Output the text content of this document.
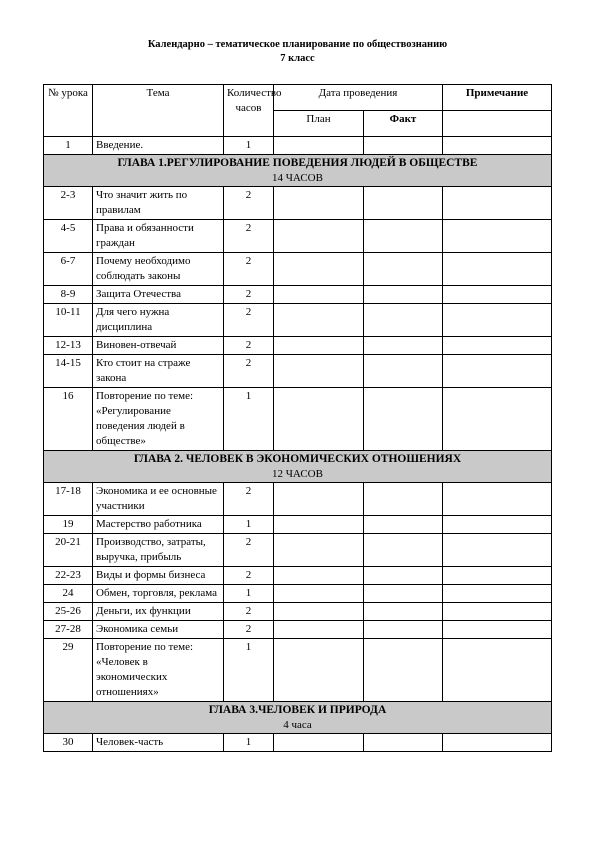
Календарно – тематическое планирование по обществознанию
7 класс
№ урока	Тема	Количество часов	Дата проведения		Примечание
			План	Факт	
1	Введение.	1			

ГЛАВА 1.РЕГУЛИРОВАНИЕ ПОВЕДЕНИЯ ЛЮДЕЙ В ОБЩЕСТВЕ
14 ЧАСОВ					

2-3	Что значит жить по правилам	2			
4-5	Права и обязанности граждан	2			
6-7	Почему необходимо соблюдать законы	2			
8-9	Защита Отечества	2			
10-11	Для чего нужна дисциплина	2			
12-13	Виновен-отвечай	2			
14-15	Кто стоит на страже закона	2			
16	Повторение по теме: «Регулирование поведения людей в обществе»	1			

ГЛАВА 2. ЧЕЛОВЕК В ЭКОНОМИЧЕСКИХ ОТНОШЕНИЯХ
12 ЧАСОВ					

17-18	Экономика и ее основные участники	2			
19	Мастерство работника	1			
20-21	Производство, затраты, выручка, прибыль	2			
22-23	Виды и формы бизнеса	2			
24	Обмен, торговля, реклама	1			
25-26	Деньги, их функции	2			
27-28	Экономика семьи	2			
29	Повторение по теме: «Человек в экономических отношениях»	1			

ГЛАВА 3.ЧЕЛОВЕК И ПРИРОДА
4 часа					

30	Человек-часть	1			
